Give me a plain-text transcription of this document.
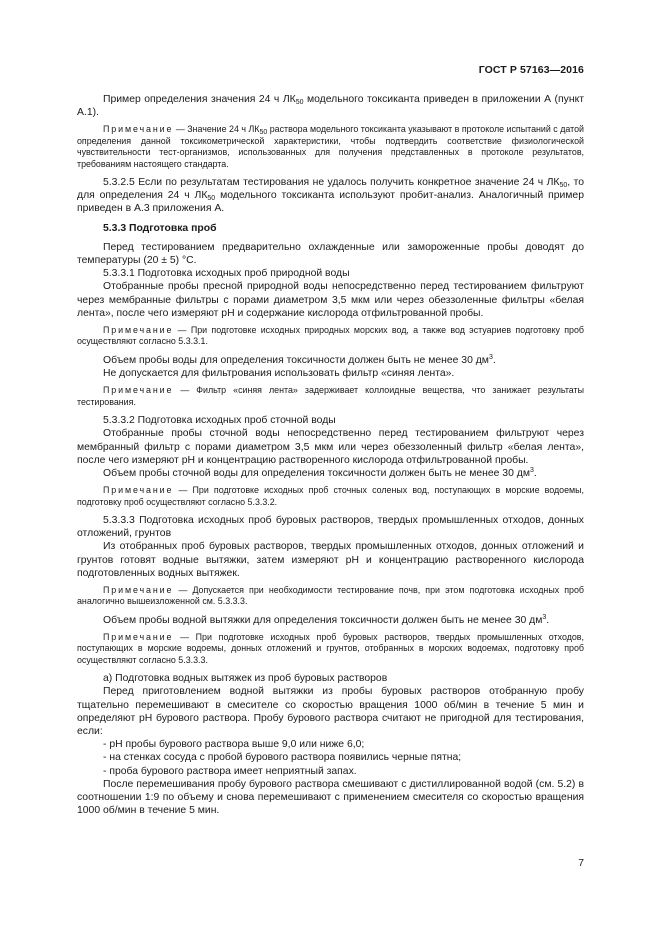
ГОСТ Р 57163—2016

Пример определения значения 24 ч $ЛК_{50}$ модельного токсиканта приведен в приложении А (пункт А.1).

Примечание — Значение 24 ч $ЛК_{50}$ раствора модельного токсиканта указывают в протоколе испытаний с датой определения данной токсикометрической характеристики, чтобы подтвердить соответствие физиологической чувствительности тест-организмов, использованных для получения представленных в протоколе результатов, требованиям настоящего стандарта.

5.3.2.5 Если по результатам тестирования не удалось получить конкретное значение 24 ч $ЛК_{50}$, то для определения 24 ч $ЛК_{50}$ модельного токсиканта используют пробит-анализ. Аналогичный пример приведен в А.3 приложения А.

5.3.3 Подготовка проб

Перед тестированием предварительно охлажденные или замороженные пробы доводят до температуры (20 ± 5) °С.

5.3.3.1 Подготовка исходных проб природной воды

Отобранные пробы пресной природной воды непосредственно перед тестированием фильтруют через мембранные фильтры с порами диаметром 3,5 мкм или через обеззоленные фильтры «белая лента», после чего измеряют pH и содержание кислорода отфильтрованной пробы.

Примечание — При подготовке исходных природных морских вод, а также вод эстуариев подготовку проб осуществляют согласно 5.3.3.1.

Объем пробы воды для определения токсичности должен быть не менее 30 $дм^3$.

Не допускается для фильтрования использовать фильтр «синяя лента».

Примечание — Фильтр «синяя лента» задерживает коллоидные вещества, что занижает результаты тестирования.

5.3.3.2 Подготовка исходных проб сточной воды

Отобранные пробы сточной воды непосредственно перед тестированием фильтруют через мембранный фильтр с порами диаметром 3,5 мкм или через обеззоленный фильтр «белая лента», после чего измеряют pH и концентрацию растворенного кислорода отфильтрованной пробы.

Объем пробы сточной воды для определения токсичности должен быть не менее 30 $дм^3$.

Примечание — При подготовке исходных проб сточных соленых вод, поступающих в морские водоемы, подготовку проб осуществляют согласно 5.3.3.2.

5.3.3.3 Подготовка исходных проб буровых растворов, твердых промышленных отходов, донных отложений, грунтов

Из отобранных проб буровых растворов, твердых промышленных отходов, донных отложений и грунтов готовят водные вытяжки, затем измеряют pH и концентрацию растворенного кислорода подготовленных водных вытяжек.

Примечание — Допускается при необходимости тестирование почв, при этом подготовка исходных проб аналогично вышеизложенной см. 5.3.3.3.

Объем пробы водной вытяжки для определения токсичности должен быть не менее 30 $дм^3$.

Примечание — При подготовке исходных проб буровых растворов, твердых промышленных отходов, поступающих в морские водоемы, донных отложений и грунтов, отобранных в морских водоемах, подготовку проб осуществляют согласно 5.3.3.3.

а) Подготовка водных вытяжек из проб буровых растворов

Перед приготовлением водной вытяжки из пробы буровых растворов отобранную пробу тщательно перемешивают в смесителе со скоростью вращения 1000 об/мин в течение 5 мин и определяют pH бурового раствора. Пробу бурового раствора считают не пригодной для тестирования, если:

- pH пробы бурового раствора выше 9,0 или ниже 6,0;

- на стенках сосуда с пробой бурового раствора появились черные пятна;

- проба бурового раствора имеет неприятный запах.

После перемешивания пробу бурового раствора смешивают с дистиллированной водой (см. 5.2) в соотношении 1:9 по объему и снова перемешивают с применением смесителя со скоростью вращения 1000 об/мин в течение 5 мин.

7
